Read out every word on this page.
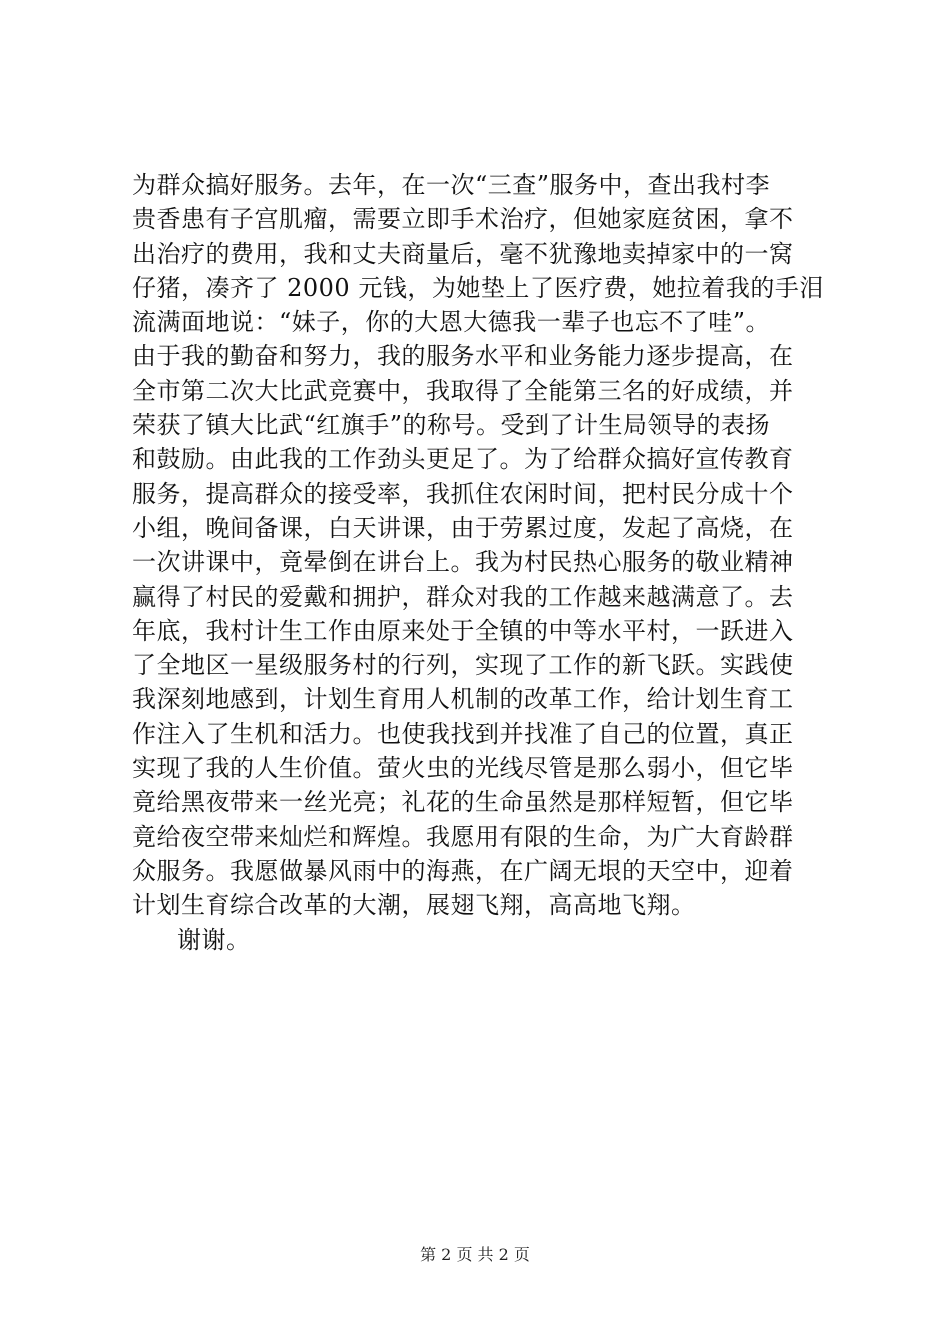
为群众搞好服务。去年，在一次“三查”服务中，查出我村李
贵香患有子宫肌瘤，需要立即手术治疗，但她家庭贫困，拿不
出治疗的费用，我和丈夫商量后，毫不犹豫地卖掉家中的一窝
仔猪，凑齐了 2000 元钱，为她垫上了医疗费，她拉着我的手泪
流满面地说：“妹子，你的大恩大德我一辈子也忘不了哇”。
由于我的勤奋和努力，我的服务水平和业务能力逐步提高，在
全市第二次大比武竞赛中，我取得了全能第三名的好成绩，并
荣获了镇大比武“红旗手”的称号。受到了计生局领导的表扬
和鼓励。由此我的工作劲头更足了。为了给群众搞好宣传教育
服务，提高群众的接受率，我抓住农闲时间，把村民分成十个
小组，晚间备课，白天讲课，由于劳累过度，发起了高烧，在
一次讲课中，竟晕倒在讲台上。我为村民热心服务的敬业精神
赢得了村民的爱戴和拥护，群众对我的工作越来越满意了。去
年底，我村计生工作由原来处于全镇的中等水平村，一跃进入
了全地区一星级服务村的行列，实现了工作的新飞跃。实践使
我深刻地感到，计划生育用人机制的改革工作，给计划生育工
作注入了生机和活力。也使我找到并找准了自己的位置，真正
实现了我的人生价值。萤火虫的光线尽管是那么弱小，但它毕
竟给黑夜带来一丝光亮；礼花的生命虽然是那样短暂，但它毕
竟给夜空带来灿烂和辉煌。我愿用有限的生命，为广大育龄群
众服务。我愿做暴风雨中的海燕，在广阔无垠的天空中，迎着
计划生育综合改革的大潮，展翅飞翔，高高地飞翔。
谢谢。
第 2 页 共 2 页
